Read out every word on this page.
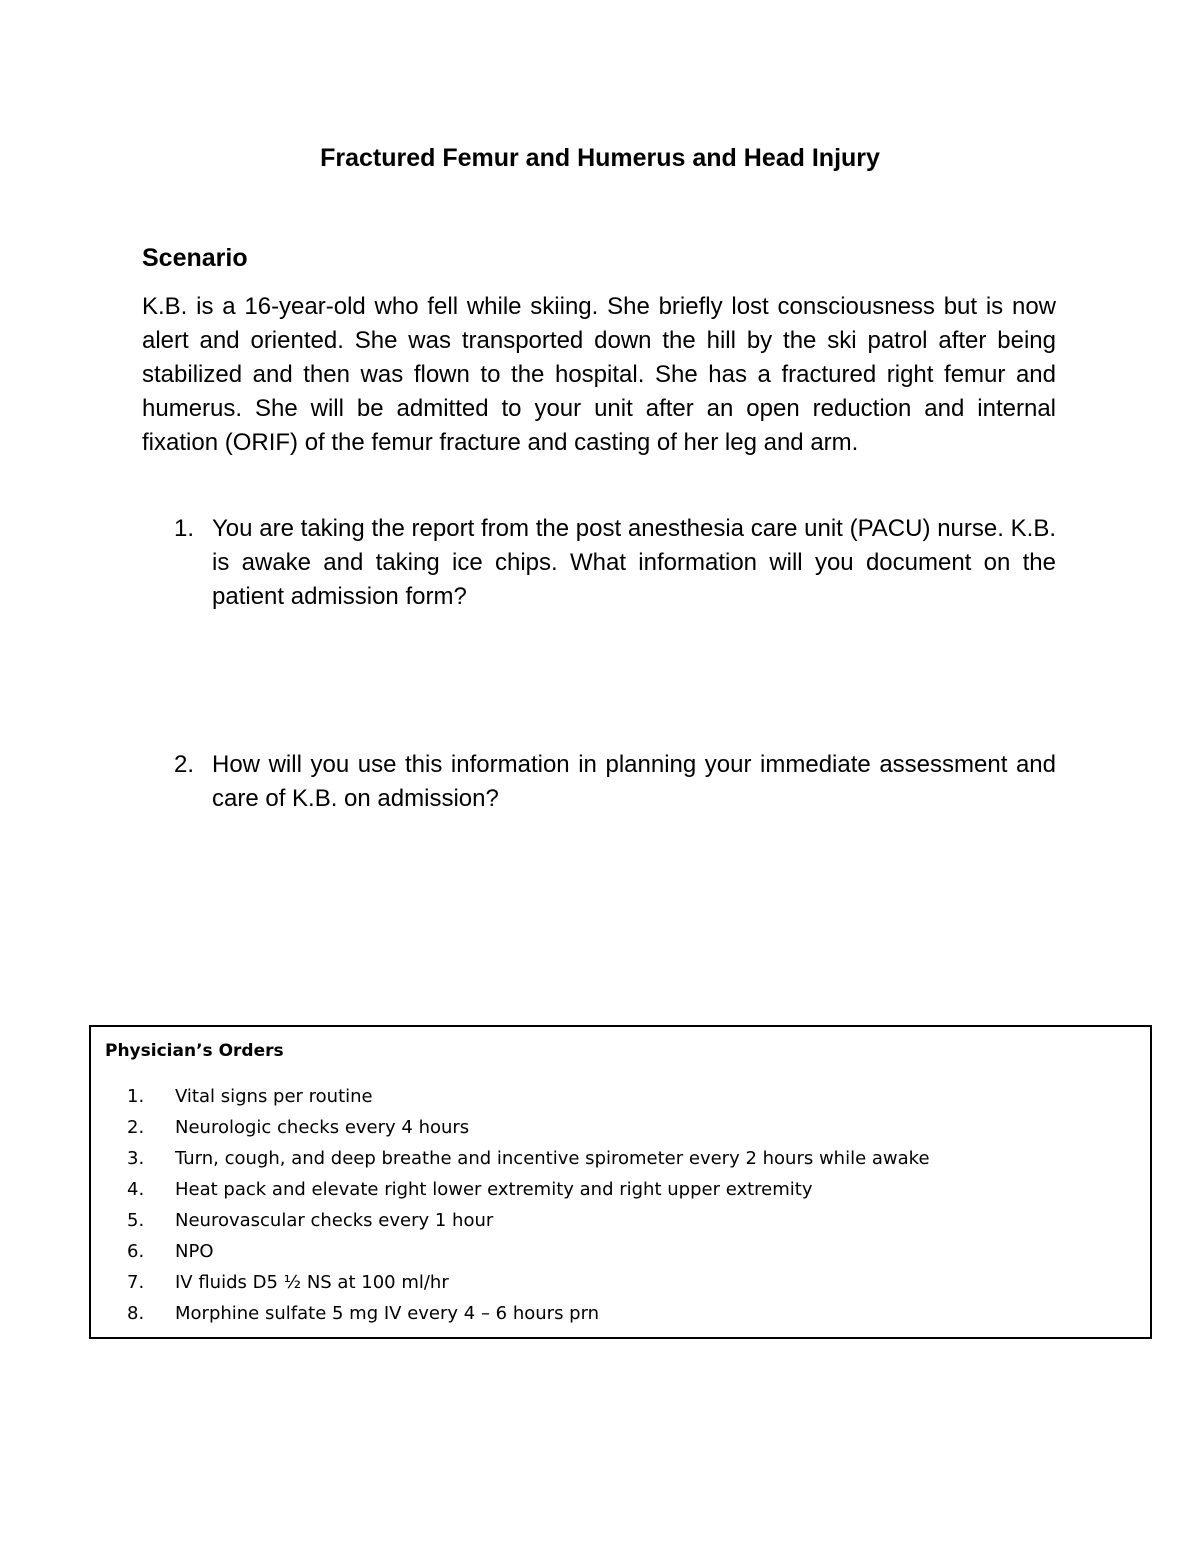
Fractured Femur and Humerus and Head Injury
Scenario

K.B. is a 16-year-old who fell while skiing. She briefly lost consciousness but is now alert and oriented. She was transported down the hill by the ski patrol after being stabilized and then was flown to the hospital. She has a fractured right femur and humerus. She will be admitted to your unit after an open reduction and internal fixation (ORIF) of the femur fracture and casting of her leg and arm.

1. You are taking the report from the post anesthesia care unit (PACU) nurse. K.B. is awake and taking ice chips. What information will you document on the patient admission form?
2. How will you use this information in planning your immediate assessment and care of K.B. on admission?
Physician’s Orders
1. Vital signs per routine
2. Neurologic checks every 4 hours
3. Turn, cough, and deep breathe and incentive spirometer every 2 hours while awake
4. Heat pack and elevate right lower extremity and right upper extremity
5. Neurovascular checks every 1 hour
6. NPO
7. IV fluids D5 ½ NS at 100 ml/hr
8. Morphine sulfate 5 mg IV every 4 – 6 hours prn
